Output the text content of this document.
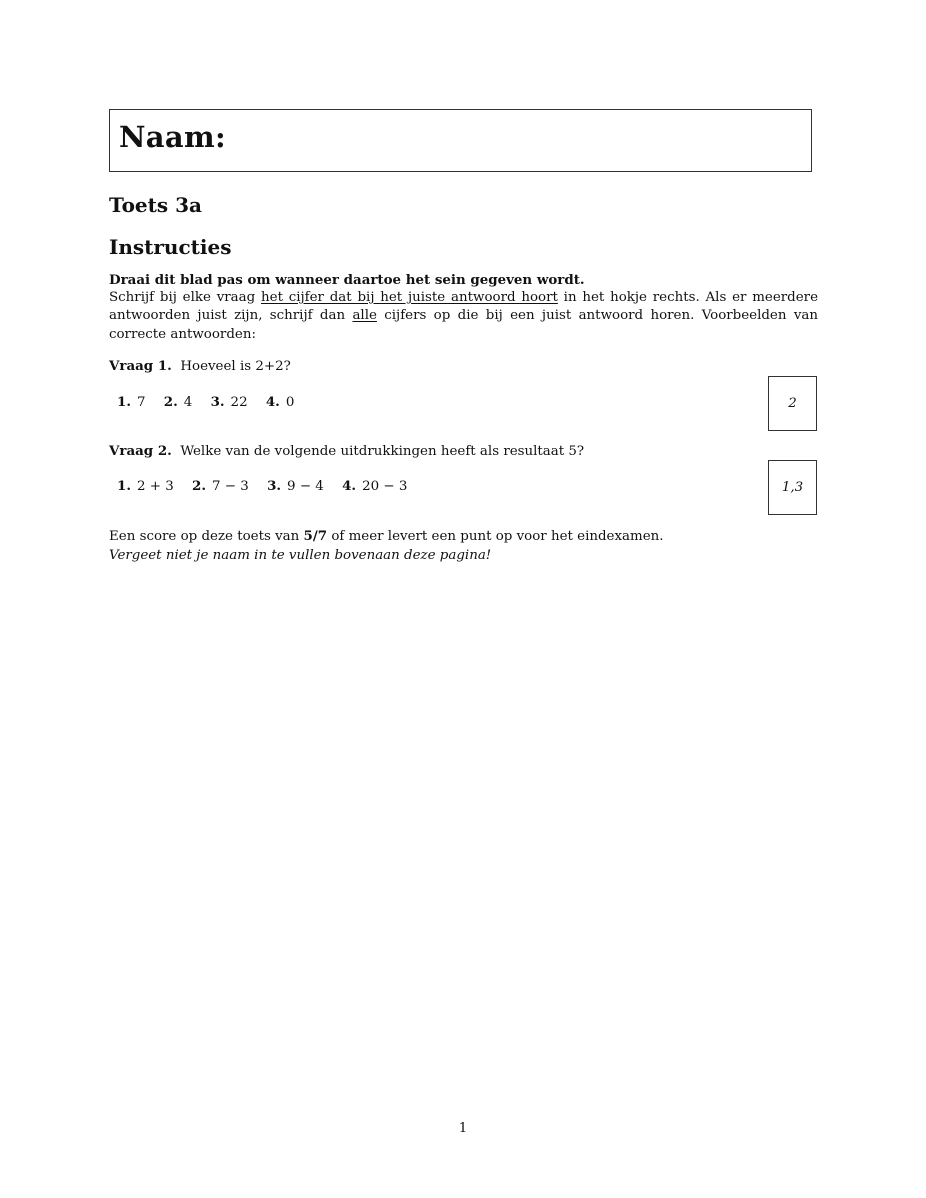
Naam:
Toets 3a
Instructies
Draai dit blad pas om wanneer daartoe het sein gegeven wordt.
Schrijf bij elke vraag het cijfer dat bij het juiste antwoord hoort in het hokje rechts. Als er meerdere antwoorden juist zijn, schrijf dan alle cijfers op die bij een juist antwoord horen. Voorbeelden van correcte antwoorden:
Vraag 1. Hoeveel is 2+2?
1. 7 2. 4 3. 22 4. 0	2
Vraag 2. Welke van de volgende uitdrukkingen heeft als resultaat 5?
1. 2 + 3 2. 7 − 3 3. 9 − 4 4. 20 − 3	1,3
Een score op deze toets van 5/7 of meer levert een punt op voor het eindexamen.
Vergeet niet je naam in te vullen bovenaan deze pagina!
1
